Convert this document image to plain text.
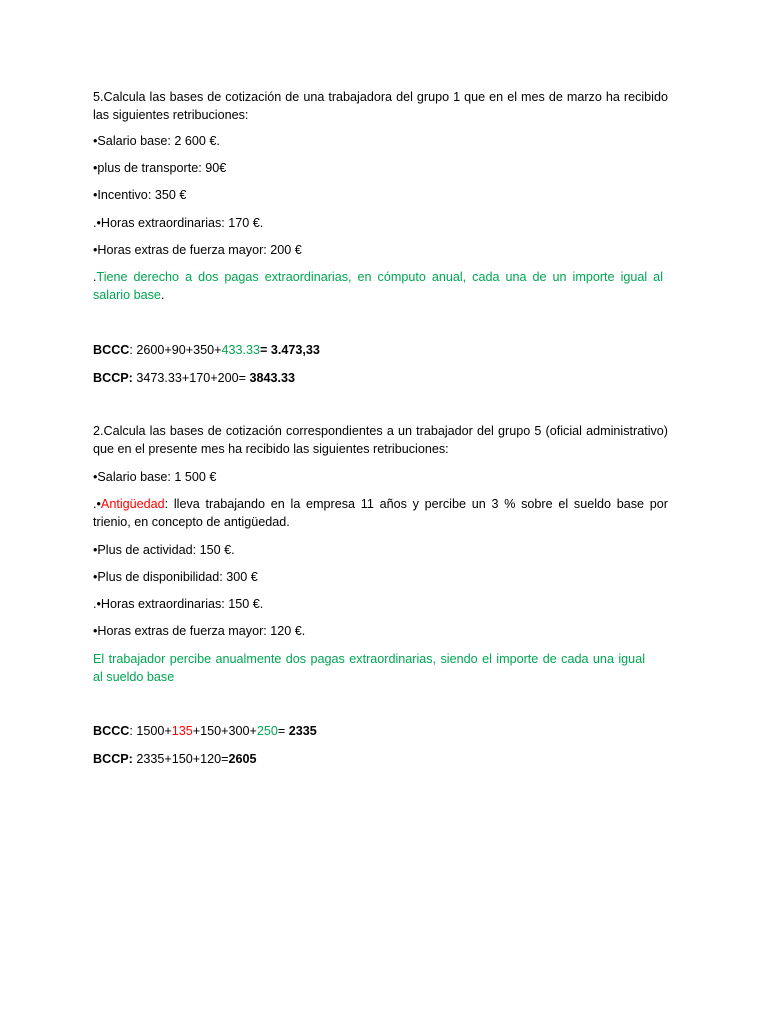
5.Calcula las bases de cotización de una trabajadora del grupo 1 que en el mes de marzo ha recibido las siguientes retribuciones:

•Salario base: 2 600 €.

•plus de transporte: 90€

•Incentivo: 350 €

.•Horas extraordinarias: 170 €.

•Horas extras de fuerza mayor: 200 €

.Tiene derecho a dos pagas extraordinarias, en cómputo anual, cada una de un importe igual al salario base.

BCCC: 2600+90+350+433.33= 3.473,33

BCCP: 3473.33+170+200= 3843.33

2.Calcula las bases de cotización correspondientes a un trabajador del grupo 5 (oficial administrativo) que en el presente mes ha recibido las siguientes retribuciones:

•Salario base: 1 500 €

.•Antigüedad: lleva trabajando en la empresa 11 años y percibe un 3 % sobre el sueldo base por trienio, en concepto de antigüedad.

•Plus de actividad: 150 €.

•Plus de disponibilidad: 300 €

.•Horas extraordinarias: 150 €.

•Horas extras de fuerza mayor: 120 €.

El trabajador percibe anualmente dos pagas extraordinarias, siendo el importe de cada una igual al sueldo base

BCCC: 1500+135+150+300+250= 2335

BCCP: 2335+150+120=2605
